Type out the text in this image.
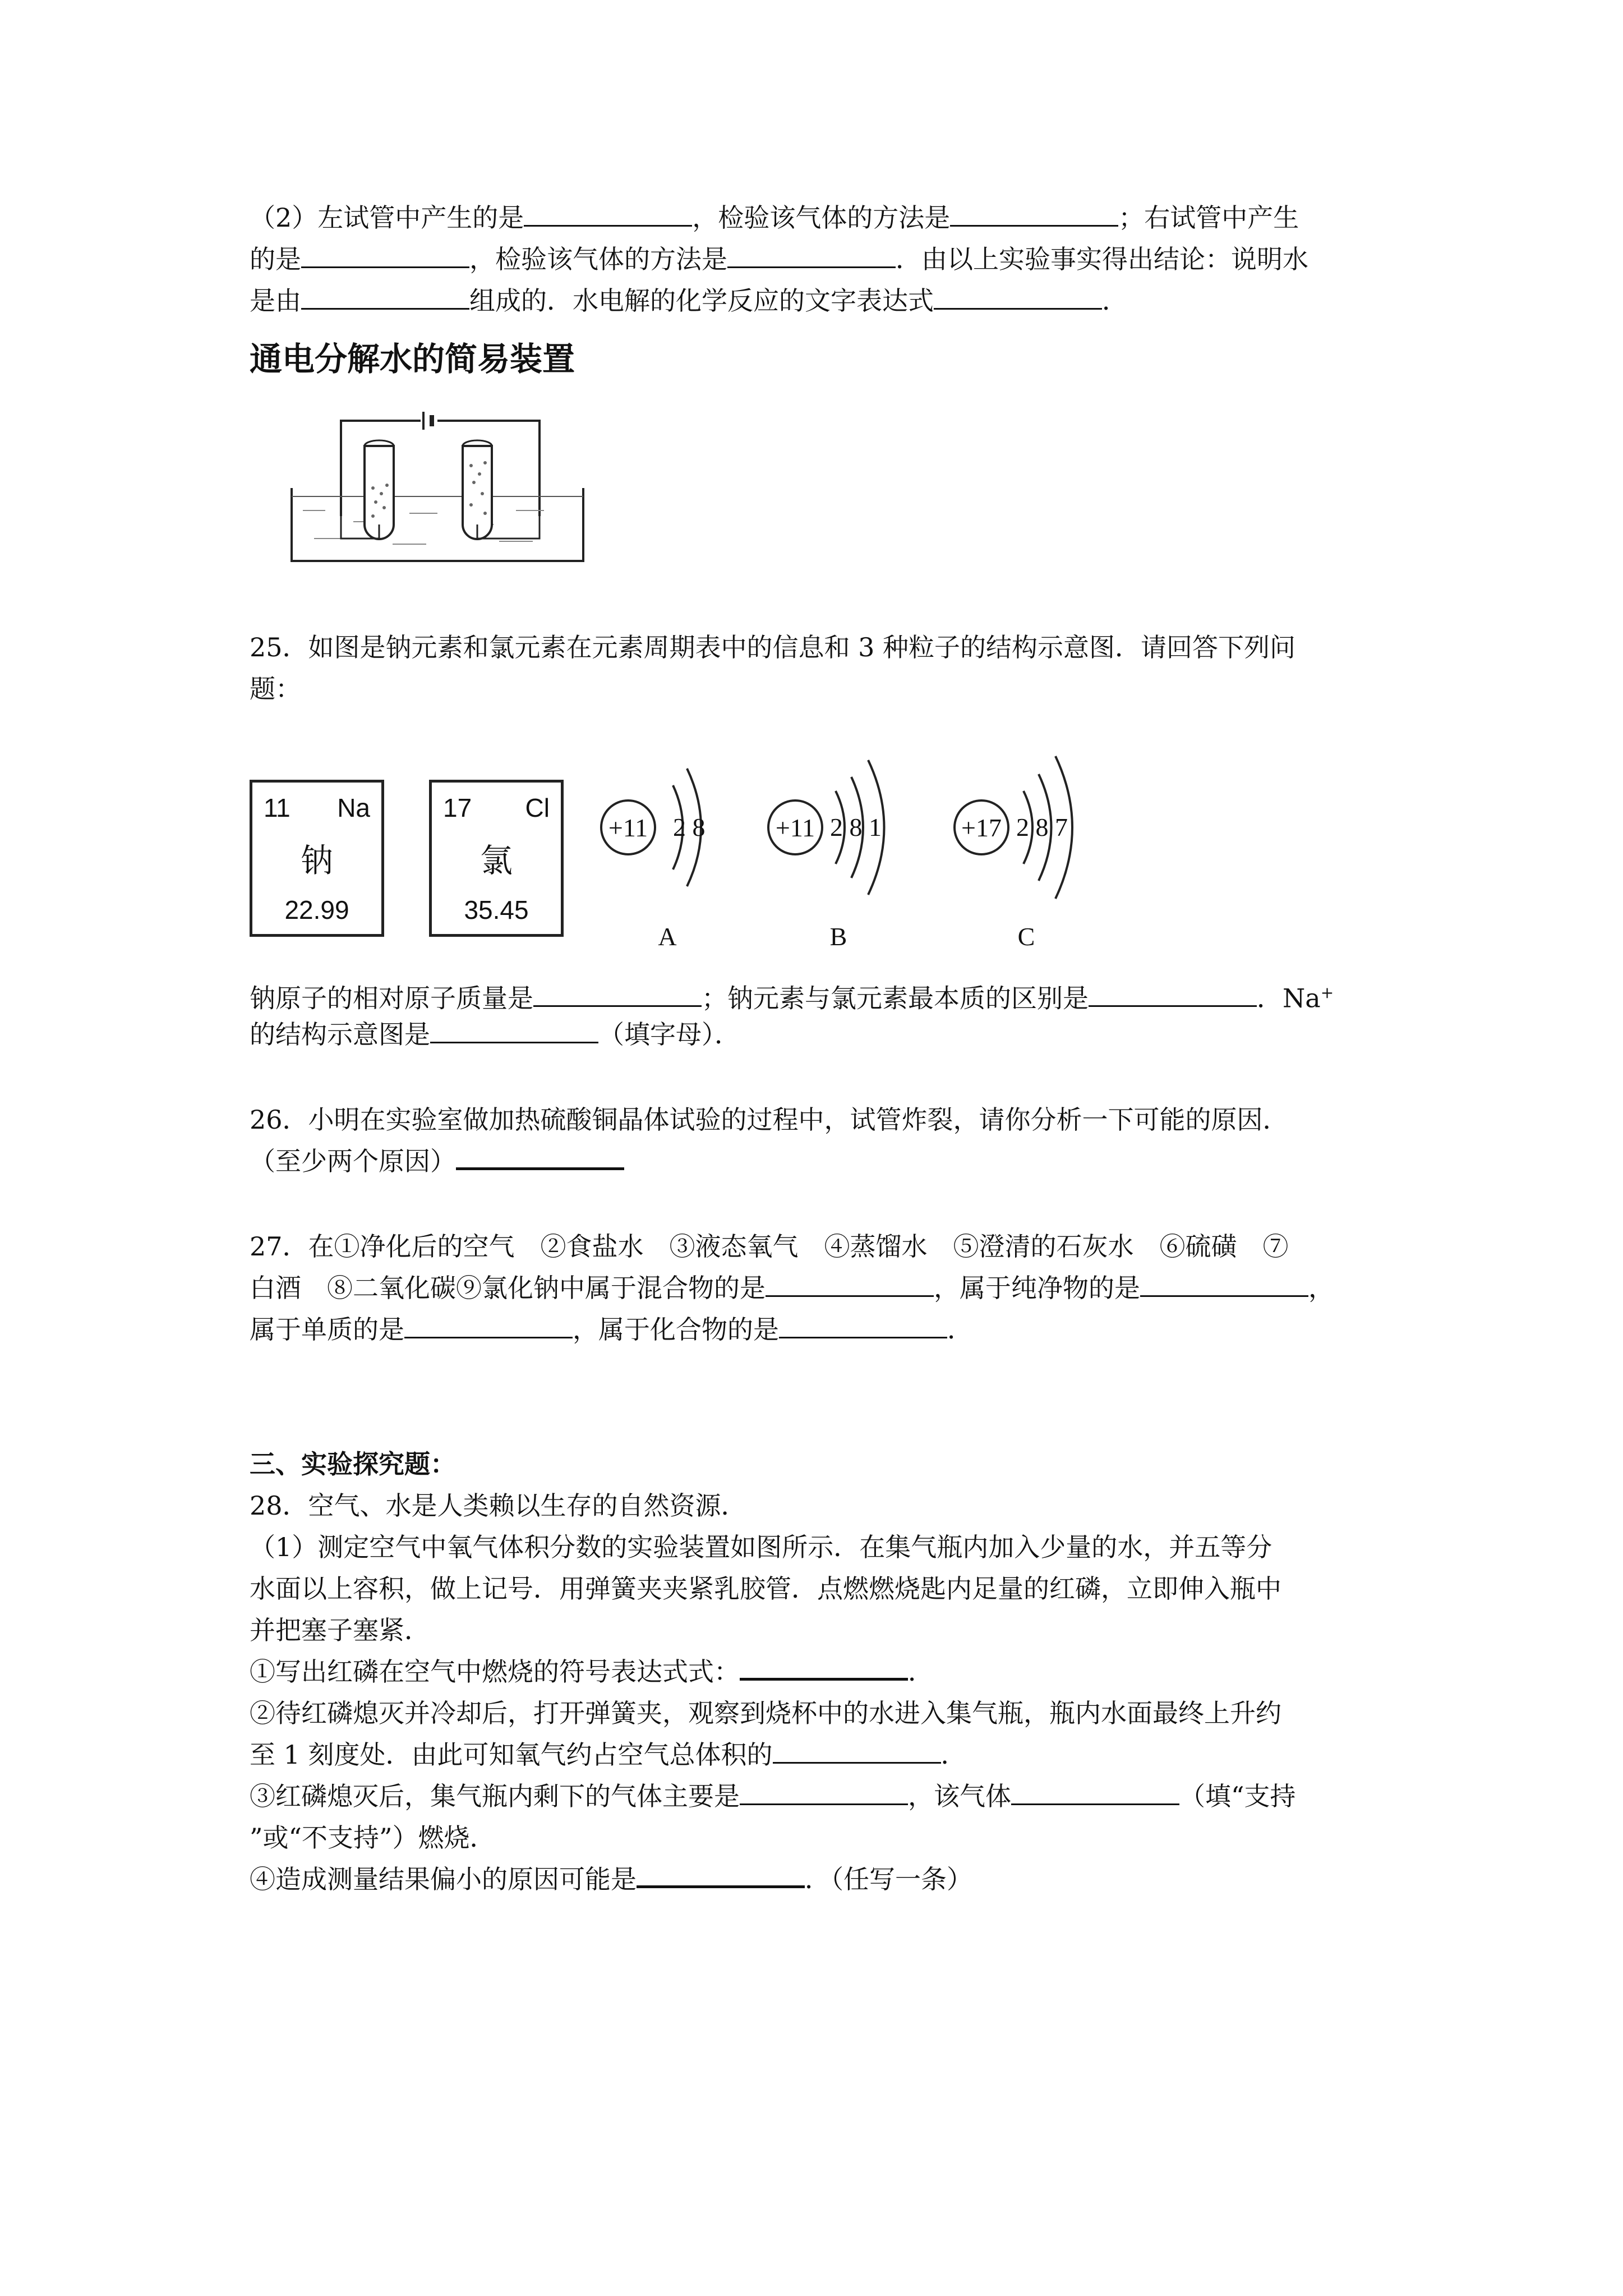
（2）左试管中产生的是	，检验该气体的方法是	；右试管中产生
的是	，检验该气体的方法是	．由以上实验事实得出结论：说明水
是由	组成的．水电解的化学反应的文字表达式	．
通电分解水的简易装置
25．如图是钠元素和氯元素在元素周期表中的信息和 3 种粒子的结构示意图．请回答下列问
题：
11 Na
钠
22.99
17 Cl
氯
35.45
+11 2 8
A
+11 2 8 1
B
+17 2 8 7
C
钠原子的相对原子质量是	；钠元素与氯元素最本质的区别是	．Na+
的结构示意图是	（填字母）．
26．小明在实验室做加热硫酸铜晶体试验的过程中，试管炸裂，请你分析一下可能的原因．
（至少两个原因）
27．在①净化后的空气　②食盐水　③液态氧气　④蒸馏水　⑤澄清的石灰水　⑥硫磺　⑦
白酒　⑧二氧化碳⑨氯化钠中属于混合物的是	，属于纯净物的是	，
属于单质的是	，属于化合物的是	．
三、实验探究题：
28．空气、水是人类赖以生存的自然资源．
（1）测定空气中氧气体积分数的实验装置如图所示．在集气瓶内加入少量的水，并五等分
水面以上容积，做上记号．用弹簧夹夹紧乳胶管．点燃燃烧匙内足量的红磷，立即伸入瓶中
并把塞子塞紧．
①写出红磷在空气中燃烧的符号表达式式：	．
②待红磷熄灭并冷却后，打开弹簧夹，观察到烧杯中的水进入集气瓶，瓶内水面最终上升约
至 1 刻度处．由此可知氧气约占空气总体积的	．
③红磷熄灭后，集气瓶内剩下的气体主要是	，该气体	（填“支持
”或“不支持”）燃烧．
④造成测量结果偏小的原因可能是	．（任写一条）
